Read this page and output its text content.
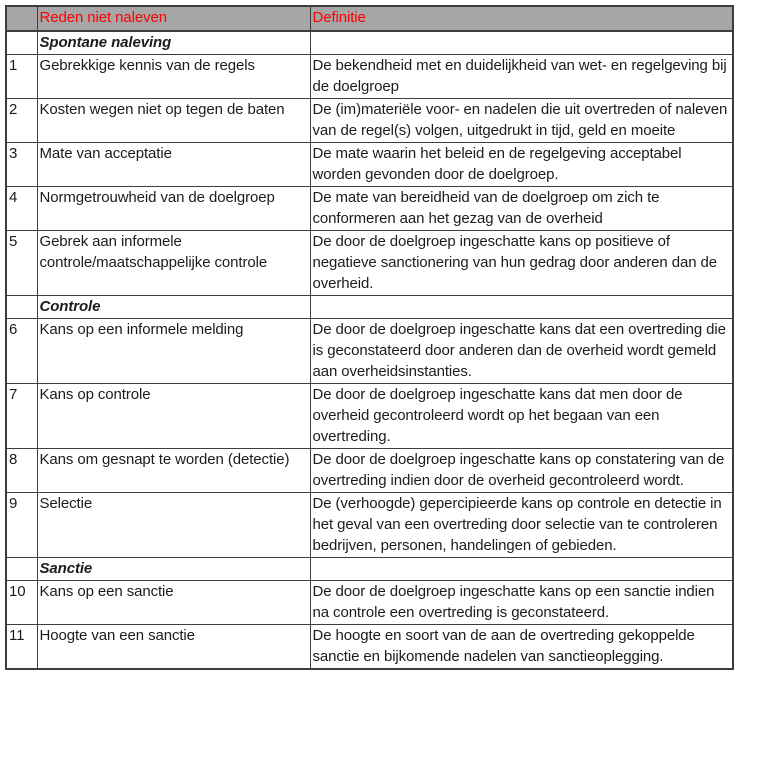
	Reden niet naleven	Definitie
	Spontane naleving	
1	Gebrekkige kennis van de regels	De bekendheid met en duidelijkheid van wet- en regelgeving bij de doelgroep
2	Kosten wegen niet op tegen de baten	De (im)materiële voor- en nadelen die uit overtreden of naleven van de regel(s) volgen, uitgedrukt in tijd, geld en moeite
3	Mate van acceptatie	De mate waarin het beleid en de regelgeving acceptabel worden gevonden door de doelgroep.
4	Normgetrouwheid van de doelgroep	De mate van bereidheid van de doelgroep om zich te conformeren aan het gezag van de overheid
5	Gebrek aan informele controle/maatschappelijke controle	De door de doelgroep ingeschatte kans op positieve of negatieve sanctionering van hun gedrag door anderen dan de overheid.
	Controle	
6	Kans op een informele melding	De door de doelgroep ingeschatte kans dat een overtreding die is geconstateerd door anderen dan de overheid wordt gemeld aan overheidsinstanties.
7	Kans op controle	De door de doelgroep ingeschatte kans dat men door de overheid gecontroleerd wordt op het begaan van een overtreding.
8	Kans om gesnapt te worden (detectie)	De door de doelgroep ingeschatte kans op constatering van de overtreding indien door de overheid gecontroleerd wordt.
9	Selectie	De (verhoogde) gepercipieerde kans op controle en detectie in het geval van een overtreding door selectie van te controleren bedrijven, personen, handelingen of gebieden.
	Sanctie	
10	Kans op een sanctie	De door de doelgroep ingeschatte kans op een sanctie indien na controle een overtreding is geconstateerd.
11	Hoogte van een sanctie	De hoogte en soort van de aan de overtreding gekoppelde sanctie en bijkomende nadelen van sanctieoplegging.
